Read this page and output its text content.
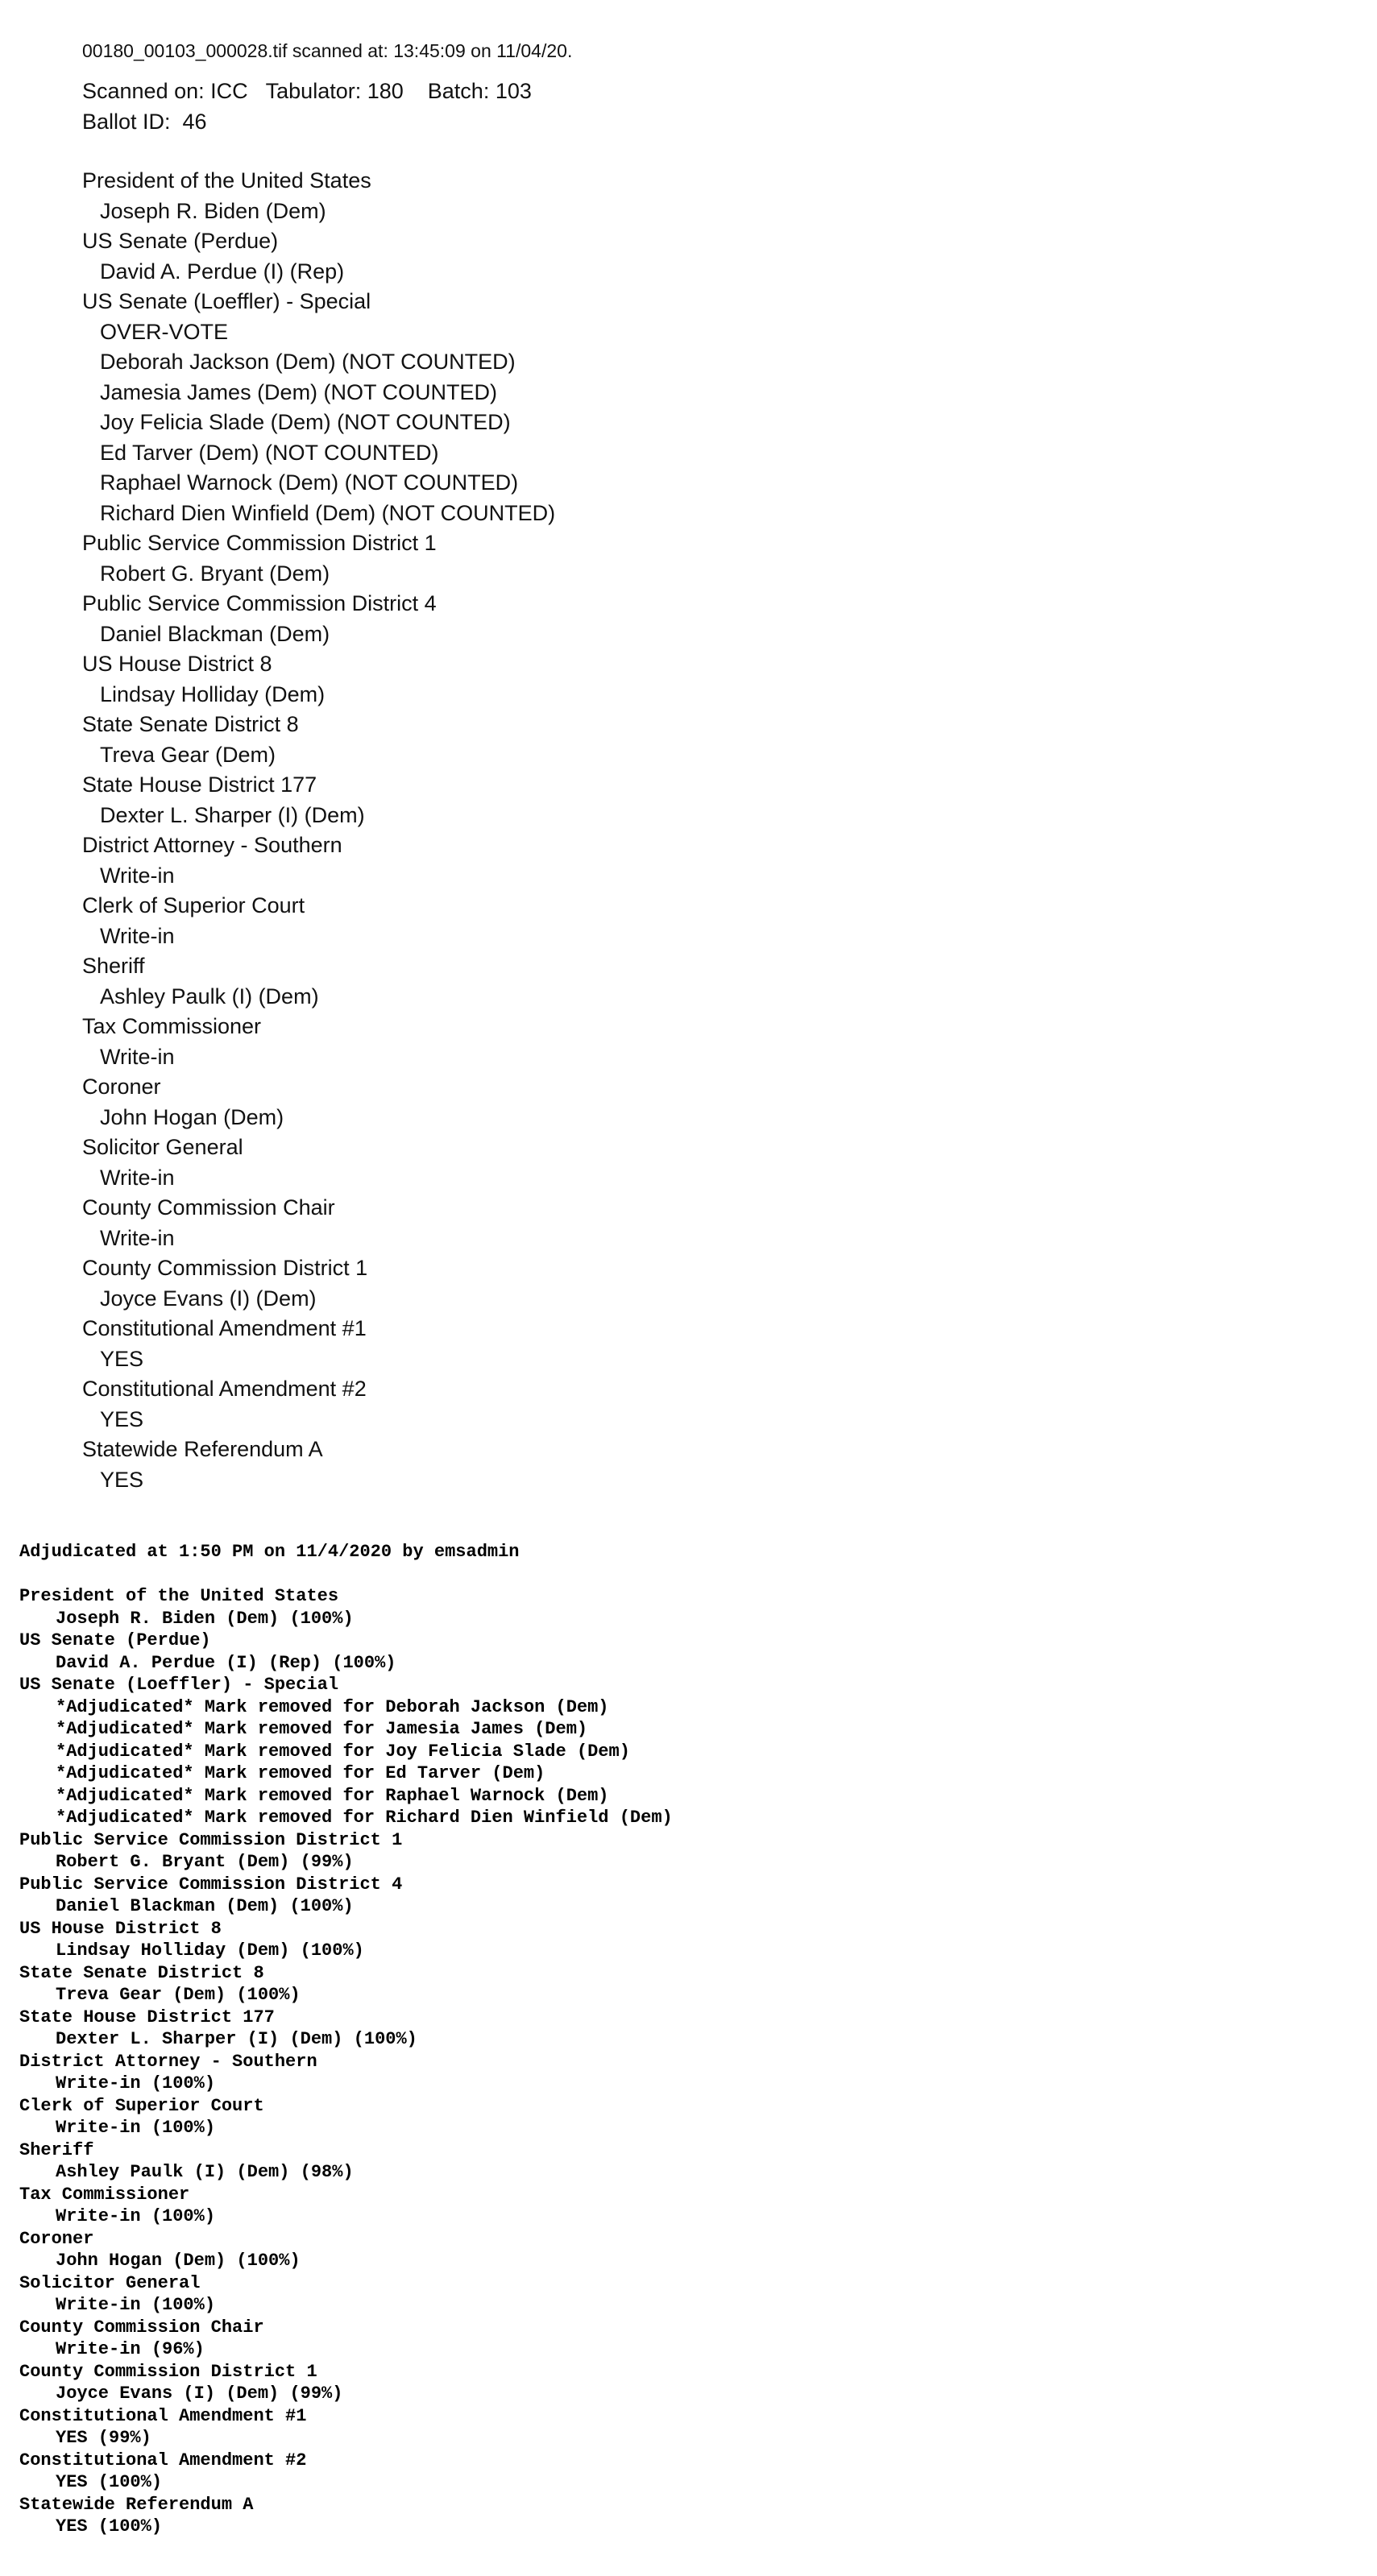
00180_00103_000028.tif scanned at: 13:45:09 on 11/04/20.
Scanned on: ICC   Tabulator: 180    Batch: 103
Ballot ID:  46
President of the United States
Joseph R. Biden (Dem)
US Senate (Perdue)
David A. Perdue (I) (Rep)
US Senate (Loeffler) - Special
OVER-VOTE
Deborah Jackson (Dem) (NOT COUNTED)
Jamesia James (Dem) (NOT COUNTED)
Joy Felicia Slade (Dem) (NOT COUNTED)
Ed Tarver (Dem) (NOT COUNTED)
Raphael Warnock (Dem) (NOT COUNTED)
Richard Dien Winfield (Dem) (NOT COUNTED)
Public Service Commission District 1
Robert G. Bryant (Dem)
Public Service Commission District 4
Daniel Blackman (Dem)
US House District 8
Lindsay Holliday (Dem)
State Senate District 8
Treva Gear (Dem)
State House District 177
Dexter L. Sharper (I) (Dem)
District Attorney - Southern
Write-in
Clerk of Superior Court
Write-in
Sheriff
Ashley Paulk (I) (Dem)
Tax Commissioner
Write-in
Coroner
John Hogan (Dem)
Solicitor General
Write-in
County Commission Chair
Write-in
County Commission District 1
Joyce Evans (I) (Dem)
Constitutional Amendment #1
YES
Constitutional Amendment #2
YES
Statewide Referendum A
YES
Adjudicated at 1:50 PM on 11/4/2020 by emsadmin
President of the United States
Joseph R. Biden (Dem) (100%)
US Senate (Perdue)
David A. Perdue (I) (Rep) (100%)
US Senate (Loeffler) - Special
*Adjudicated* Mark removed for Deborah Jackson (Dem)
*Adjudicated* Mark removed for Jamesia James (Dem)
*Adjudicated* Mark removed for Joy Felicia Slade (Dem)
*Adjudicated* Mark removed for Ed Tarver (Dem)
*Adjudicated* Mark removed for Raphael Warnock (Dem)
*Adjudicated* Mark removed for Richard Dien Winfield (Dem)
Public Service Commission District 1
Robert G. Bryant (Dem) (99%)
Public Service Commission District 4
Daniel Blackman (Dem) (100%)
US House District 8
Lindsay Holliday (Dem) (100%)
State Senate District 8
Treva Gear (Dem) (100%)
State House District 177
Dexter L. Sharper (I) (Dem) (100%)
District Attorney - Southern
Write-in (100%)
Clerk of Superior Court
Write-in (100%)
Sheriff
Ashley Paulk (I) (Dem) (98%)
Tax Commissioner
Write-in (100%)
Coroner
John Hogan (Dem) (100%)
Solicitor General
Write-in (100%)
County Commission Chair
Write-in (96%)
County Commission District 1
Joyce Evans (I) (Dem) (99%)
Constitutional Amendment #1
YES (99%)
Constitutional Amendment #2
YES (100%)
Statewide Referendum A
YES (100%)
